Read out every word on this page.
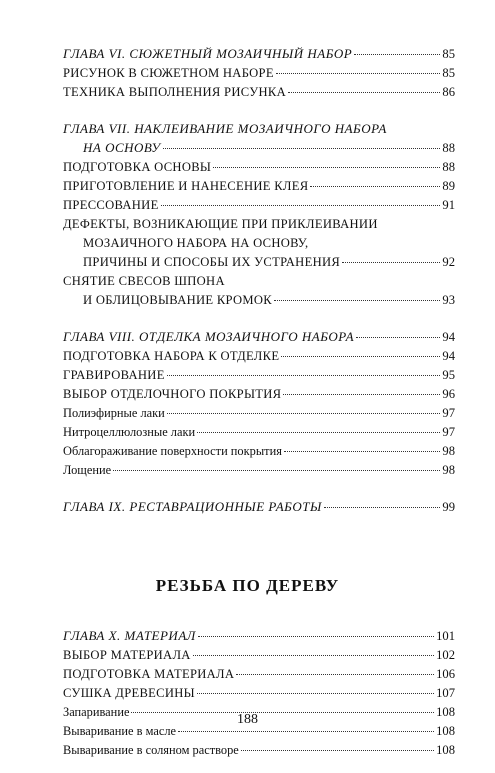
ГЛАВА VI. СЮЖЕТНЫЙ МОЗАИЧНЫЙ НАБОР	85
РИСУНОК В СЮЖЕТНОМ НАБОРЕ	85
ТЕХНИКА ВЫПОЛНЕНИЯ РИСУНКА	86
ГЛАВА VII. НАКЛЕИВАНИЕ МОЗАИЧНОГО НАБОРА
НА ОСНОВУ	88
ПОДГОТОВКА ОСНОВЫ	88
ПРИГОТОВЛЕНИЕ И НАНЕСЕНИЕ КЛЕЯ	89
ПРЕССОВАНИЕ	91
ДЕФЕКТЫ, ВОЗНИКАЮЩИЕ ПРИ ПРИКЛЕИВАНИИ
МОЗАИЧНОГО НАБОРА НА ОСНОВУ,
ПРИЧИНЫ И СПОСОБЫ ИХ УСТРАНЕНИЯ	92
СНЯТИЕ СВЕСОВ ШПОНА
И ОБЛИЦОВЫВАНИЕ КРОМОК	93
ГЛАВА VIII. ОТДЕЛКА МОЗАИЧНОГО НАБОРА	94
ПОДГОТОВКА НАБОРА К ОТДЕЛКЕ	94
ГРАВИРОВАНИЕ	95
ВЫБОР ОТДЕЛОЧНОГО ПОКРЫТИЯ	96
Полиэфирные лаки	97
Нитроцеллюлозные лаки	97
Облагораживание поверхности покрытия	98
Лощение	98
ГЛАВА IX. РЕСТАВРАЦИОННЫЕ РАБОТЫ	99
РЕЗЬБА ПО ДЕРЕВУ
ГЛАВА X. МАТЕРИАЛ	101
ВЫБОР МАТЕРИАЛА	102
ПОДГОТОВКА МАТЕРИАЛА	106
СУШКА ДРЕВЕСИНЫ	107
Запаривание	108
Вываривание в масле	108
Вываривание в соляном растворе	108
188
